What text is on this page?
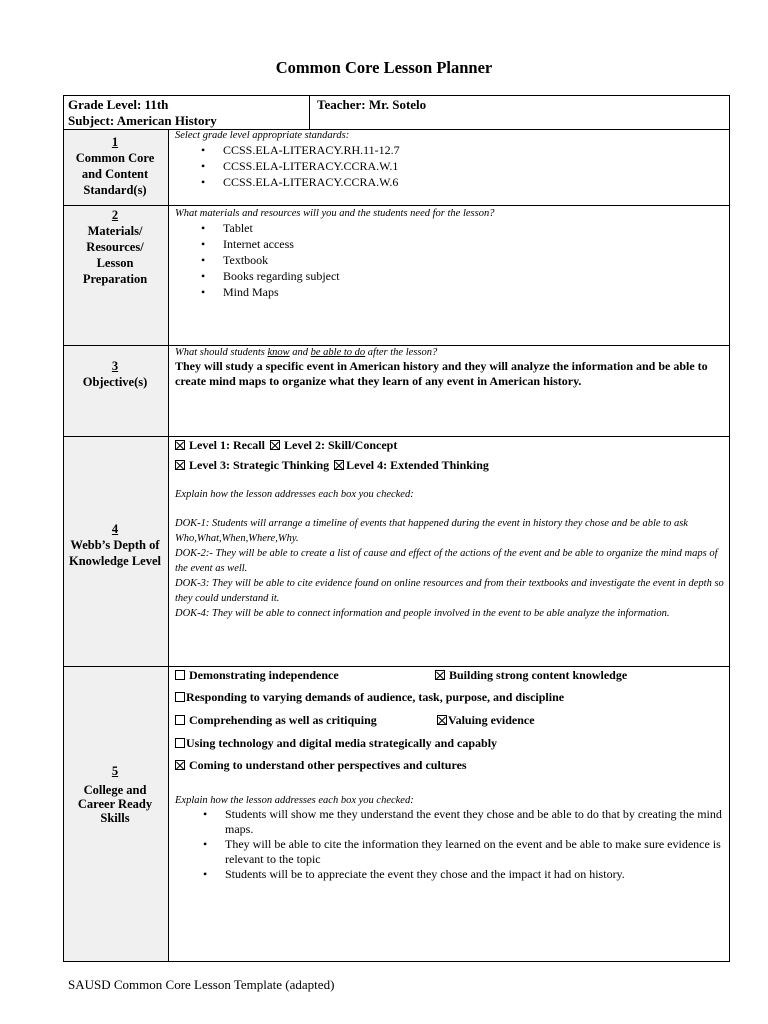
Common Core Lesson Planner
Grade Level: 11th
Subject: American History
Teacher: Mr. Sotelo
1
Common Core
and Content
Standard(s)
Select grade level appropriate standards:
• CCSS.ELA-LITERACY.RH.11-12.7
• CCSS.ELA-LITERACY.CCRA.W.1
• CCSS.ELA-LITERACY.CCRA.W.6
2
Materials/
Resources/
Lesson
Preparation
What materials and resources will you and the students need for the lesson?
• Tablet
• Internet access
• Textbook
• Books regarding subject
• Mind Maps
3
Objective(s)
What should students know and be able to do after the lesson?
They will study a specific event in American history and they will analyze the information and be able to create mind maps to organize what they learn of any event in American history.
4
Webb’s Depth of
Knowledge Level
Level 1: Recall Level 2: Skill/Concept
Level 3: Strategic Thinking Level 4: Extended Thinking
Explain how the lesson addresses each box you checked:
DOK-1: Students will arrange a timeline of events that happened during the event in history they chose and be able to ask Who,What,When,Where,Why.
DOK-2:- They will be able to create a list of cause and effect of the actions of the event and be able to organize the mind maps of the event as well.
DOK-3: They will be able to cite evidence found on online resources and from their textbooks and investigate the event in depth so they could understand it.
DOK-4: They will be able to connect information and people involved in the event to be able analyze the information.
5
College and
Career Ready
Skills
Demonstrating independence	Building strong content knowledge
Responding to varying demands of audience, task, purpose, and discipline
Comprehending as well as critiquing	Valuing evidence
Using technology and digital media strategically and capably
Coming to understand other perspectives and cultures
Explain how the lesson addresses each box you checked:
• Students will show me they understand the event they chose and be able to do that by creating the mind maps.
• They will be able to cite the information they learned on the event and be able to make sure evidence is relevant to the topic
• Students will be to appreciate the event they chose and the impact it had on history.
SAUSD Common Core Lesson Template (adapted)
